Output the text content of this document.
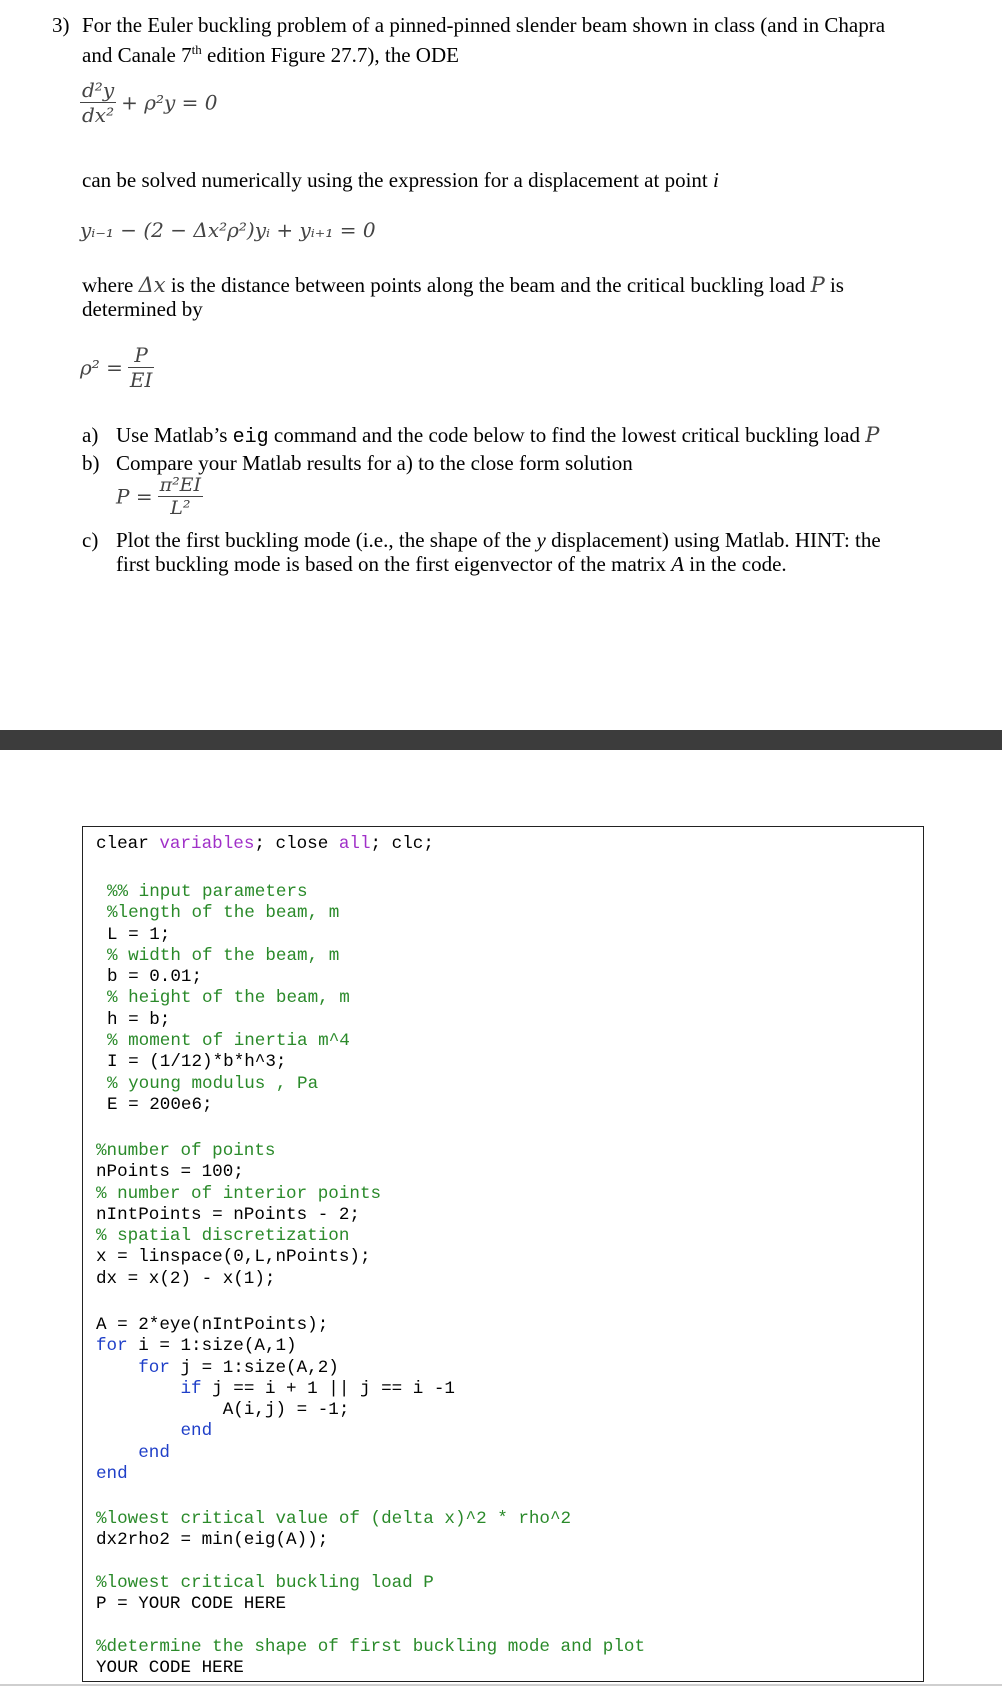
3) For the Euler buckling problem of a pinned-pinned slender beam shown in class (and in Chapra
and Canale 7th edition Figure 27.7), the ODE
$\frac{\text{d²y}}{\text{dx²}} + \rho^2y = 0$
can be solved numerically using the expression for a displacement at point i
yᵢ₋₁ − (2 − Δx²ρ²)yᵢ + yᵢ₊₁ = 0
where Δx is the distance between points along the beam and the critical buckling load P is
determined by
$\rho^2 = \frac{P}{EI}$
a) Use Matlab’s eig command and the code below to find the lowest critical buckling load P
b) Compare your Matlab results for a) to the close form solution
$P = \frac{\text{π²EI}}{\text{L²}}$
c) Plot the first buckling mode (i.e., the shape of the y displacement) using Matlab. HINT: the
first buckling mode is based on the first eigenvector of the matrix A in the code.
clear variables; close all; clc;
%% input parameters
%length of the beam, m
L = 1;
% width of the beam, m
b = 0.01;
% height of the beam, m
h = b;
% moment of inertia m^4
I = (1/12)*b*h^3;
% young modulus , Pa
E = 200e6;
%number of points
nPoints = 100;
% number of interior points
nIntPoints = nPoints - 2;
% spatial discretization
x = linspace(0,L,nPoints);
dx = x(2) - x(1);
A = 2*eye(nIntPoints);
for i = 1:size(A,1)
for j = 1:size(A,2)
if j == i + 1 || j == i -1
A(i,j) = -1;
end
end
end
%lowest critical value of (delta x)^2 * rho^2
dx2rho2 = min(eig(A));
%lowest critical buckling load P
P = YOUR CODE HERE
%determine the shape of first buckling mode and plot
YOUR CODE HERE
